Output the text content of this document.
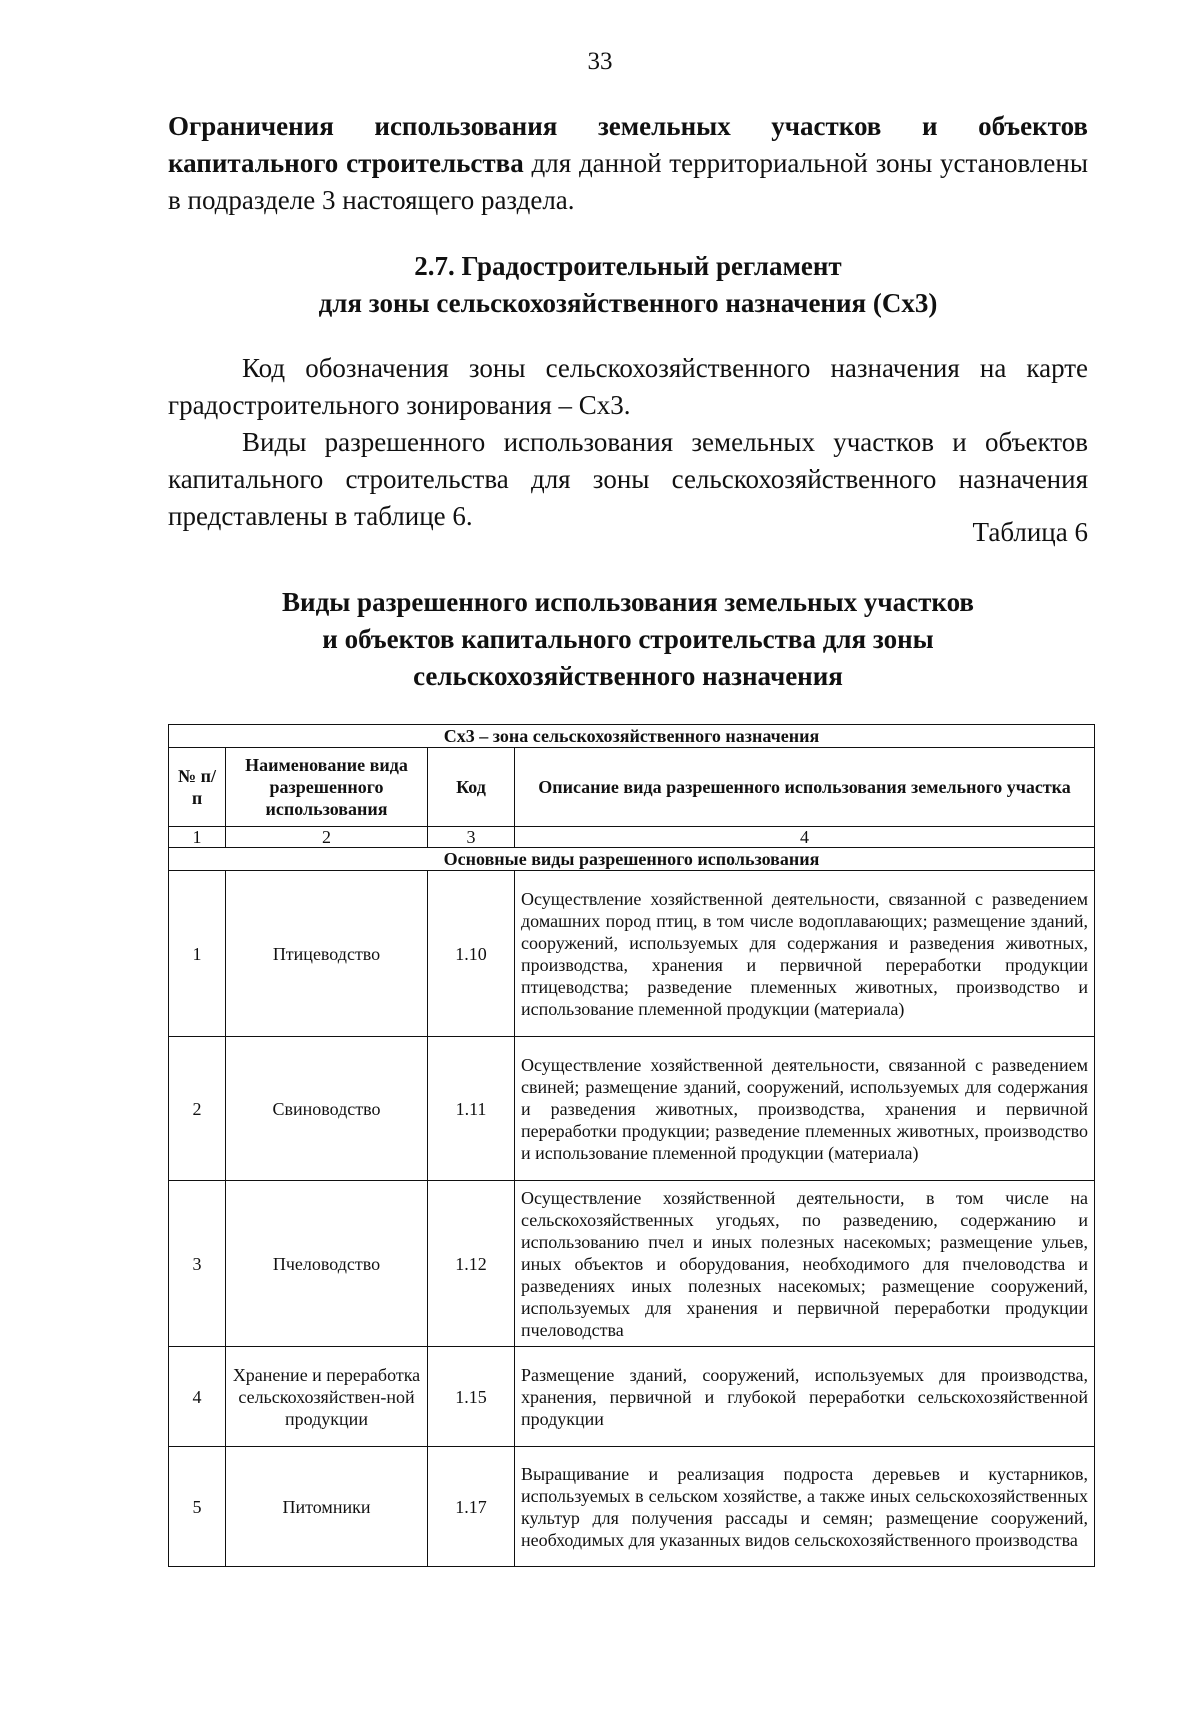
33

Ограничения использования земельных участков и объектов капитального строительства для данной территориальной зоны установлены в подразделе 3 настоящего раздела.

2.7. Градостроительный регламент
для зоны сельскохозяйственного назначения (Сх3)

Код обозначения зоны сельскохозяйственного назначения на карте градостроительного зонирования – Сх3.

Виды разрешенного использования земельных участков и объектов капитального строительства для зоны сельскохозяйственного назначения представлены в таблице 6.

Таблица 6
Виды разрешенного использования земельных участков
и объектов капитального строительства для зоны
сельскохозяйственного назначения
Сх3 – зона сельскохозяйственного назначения			
№ п/п	Наименование вида разрешенного использования	Код	Описание вида разрешенного использования земельного участка
1	2	3	4
Основные виды разрешенного использования			
1	Птицеводство	1.10	Осуществление хозяйственной деятельности, связанной с разведением домашних пород птиц, в том числе водоплавающих; размещение зданий, сооружений, используемых для содержания и разведения животных, производства, хранения и первичной переработки продукции птицеводства; разведение племенных животных, производство и использование племенной продукции (материала)
2	Свиноводство	1.11	Осуществление хозяйственной деятельности, связанной с разведением свиней; размещение зданий, сооружений, используемых для содержания и разведения животных, производства, хранения и первичной переработки продукции; разведение племенных животных, производство и использование племенной продукции (материала)
3	Пчеловодство	1.12	Осуществление хозяйственной деятельности, в том числе на сельскохозяйственных угодьях, по разведению, содержанию и использованию пчел и иных полезных насекомых; размещение ульев, иных объектов и оборудования, необходимого для пчеловодства и разведениях иных полезных насекомых; размещение сооружений, используемых для хранения и первичной переработки продукции пчеловодства
4	Хранение и переработка сельскохозяйствен-ной продукции	1.15	Размещение зданий, сооружений, используемых для производства, хранения, первичной и глубокой переработки сельскохозяйственной продукции
5	Питомники	1.17	Выращивание и реализация подроста деревьев и кустарников, используемых в сельском хозяйстве, а также иных сельскохозяйственных культур для получения рассады и семян; размещение сооружений, необходимых для указанных видов сельскохозяйственного производства
